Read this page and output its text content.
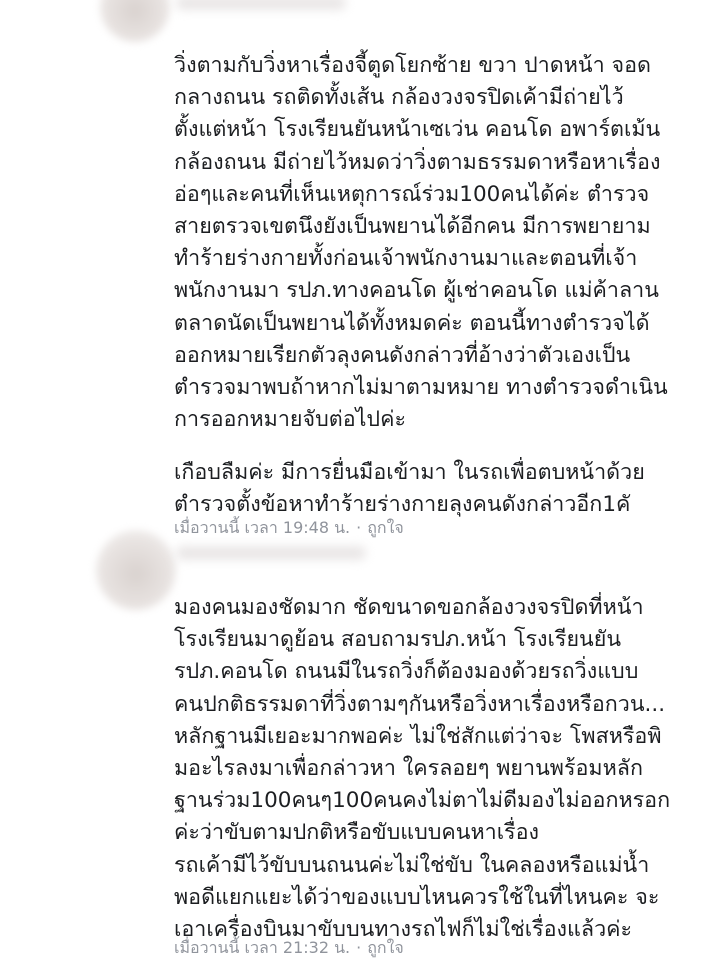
วิ่งตามกับวิ่งหาเรื่องจี้ตูดโยกซ้าย ขวา ปาดหน้า จอด
กลางถนน รถติดทั้งเส้น กล้องวงจรปิดเค้ามีถ่ายไว้
ตั้งแต่หน้า โรงเรียนยันหน้าเซเว่น คอนโด อพาร์ตเม้น
กล้องถนน มีถ่ายไว้หมดว่าวิ่งตามธรรมดาหรือหาเรื่อง
อ่อๆและคนที่เห็นเหตุการณ์ร่วม100คนได้ค่ะ ตำรวจ
สายตรวจเขตนึงยังเป็นพยานได้อีกคน มีการพยายาม
ทำร้ายร่างกายทั้งก่อนเจ้าพนักงานมาและตอนที่เจ้า
พนักงานมา รปภ.ทางคอนโด ผู้เช่าคอนโด แม่ค้าลาน
ตลาดนัดเป็นพยานได้ทั้งหมดค่ะ ตอนนี้ทางตำรวจได้
ออกหมายเรียกตัวลุงคนดังกล่าวที่อ้างว่าตัวเองเป็น
ตำรวจมาพบถ้าหากไม่มาตามหมาย ทางตำรวจดำเนิน
การออกหมายจับต่อไปค่ะ
เกือบลืมค่ะ มีการยื่นมือเข้ามา ในรถเพื่อตบหน้าด้วย
ตำรวจตั้งข้อหาทำร้ายร่างกายลุงคนดังกล่าวอีก1คั
เมื่อวานนี้ เวลา 19:48 น. · ถูกใจ
มองคนมองชัดมาก ชัดขนาดขอกล้องวงจรปิดที่หน้า
โรงเรียนมาดูย้อน สอบถามรปภ.หน้า โรงเรียนยัน
รปภ.คอนโด ถนนมีในรถวิ่งก็ต้องมองด้วยรถวิ่งแบบ
คนปกติธรรมดาที่วิ่งตามๆกันหรือวิ่งหาเรื่องหรือกวน...
หลักฐานมีเยอะมากพอค่ะ ไม่ใช่สักแต่ว่าจะ โพสหรือพิ
มอะไรลงมาเพื่อกล่าวหา ใครลอยๆ พยานพร้อมหลัก
ฐานร่วม100คนๆ100คนคงไม่ตาไม่ดีมองไม่ออกหรอก
ค่ะว่าขับตามปกติหรือขับแบบคนหาเรื่อง
รถเค้ามีไว้ขับบนถนนค่ะไม่ใช่ขับ ในคลองหรือแม่น้ำ
พอดีแยกแยะได้ว่าของแบบไหนควรใช้ในที่ไหนคะ จะ
เอาเครื่องบินมาขับบนทางรถไฟก็ไม่ใช่เรื่องแล้วค่ะ
เมื่อวานนี้ เวลา 21:32 น. · ถูกใจ
